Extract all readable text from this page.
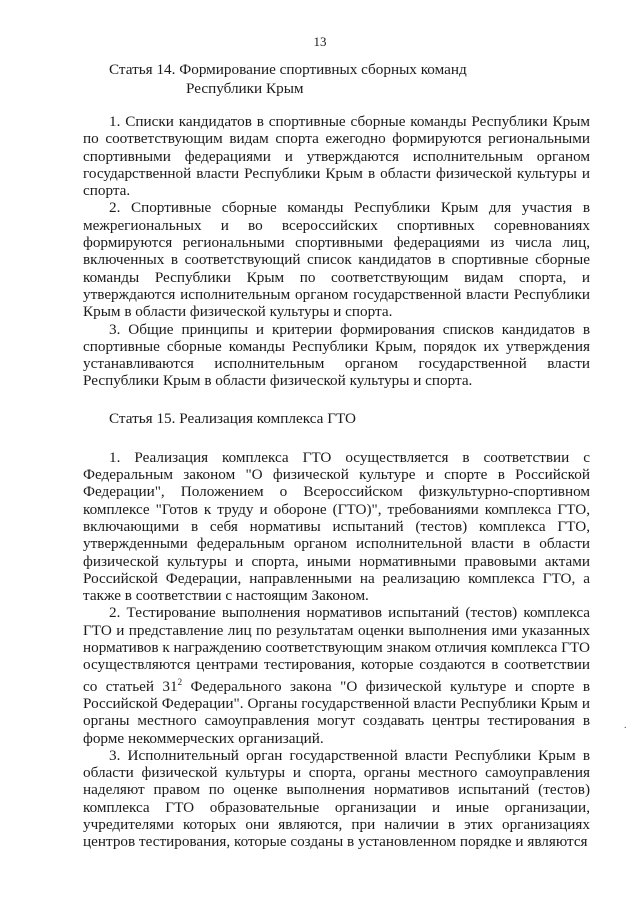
13
Статья 14. Формирование спортивных сборных команд
Республики Крым

1. Списки кандидатов в спортивные сборные команды Республики Крым по соответствующим видам спорта ежегодно формируются региональными спортивными федерациями и утверждаются исполнительным органом государственной власти Республики Крым в области физической культуры и спорта.

2. Спортивные сборные команды Республики Крым для участия в межрегиональных и во всероссийских спортивных соревнованиях формируются региональными спортивными федерациями из числа лиц, включенных в соответствующий список кандидатов в спортивные сборные команды Республики Крым по соответствующим видам спорта, и утверждаются исполнительным органом государственной власти Республики Крым в области физической культуры и спорта.

3. Общие принципы и критерии формирования списков кандидатов в спортивные сборные команды Республики Крым, порядок их утверждения устанавливаются исполнительным органом государственной власти Республики Крым в области физической культуры и спорта.

Статья 15. Реализация комплекса ГТО

1. Реализация комплекса ГТО осуществляется в соответствии с Федеральным законом "О физической культуре и спорте в Российской Федерации", Положением о Всероссийском физкультурно-спортивном комплексе "Готов к труду и обороне (ГТО)", требованиями комплекса ГТО, включающими в себя нормативы испытаний (тестов) комплекса ГТО, утвержденными федеральным органом исполнительной власти в области физической культуры и спорта, иными нормативными правовыми актами Российской Федерации, направленными на реализацию комплекса ГТО, а также в соответствии с настоящим Законом.

2. Тестирование выполнения нормативов испытаний (тестов) комплекса ГТО и представление лиц по результатам оценки выполнения ими указанных нормативов к награждению соответствующим знаком отличия комплекса ГТО осуществляются центрами тестирования, которые создаются в соответствии со статьей $31^2$ Федерального закона "О физической культуре и спорте в Российской Федерации". Органы государственной власти Республики Крым и органы местного самоуправления могут создавать центры тестирования в форме некоммерческих организаций.

3. Исполнительный орган государственной власти Республики Крым в области физической культуры и спорта, органы местного самоуправления наделяют правом по оценке выполнения нормативов испытаний (тестов) комплекса ГТО образовательные организации и иные организации, учредителями которых они являются, при наличии в этих организациях центров тестирования, которые созданы в установленном порядке и являются

.
